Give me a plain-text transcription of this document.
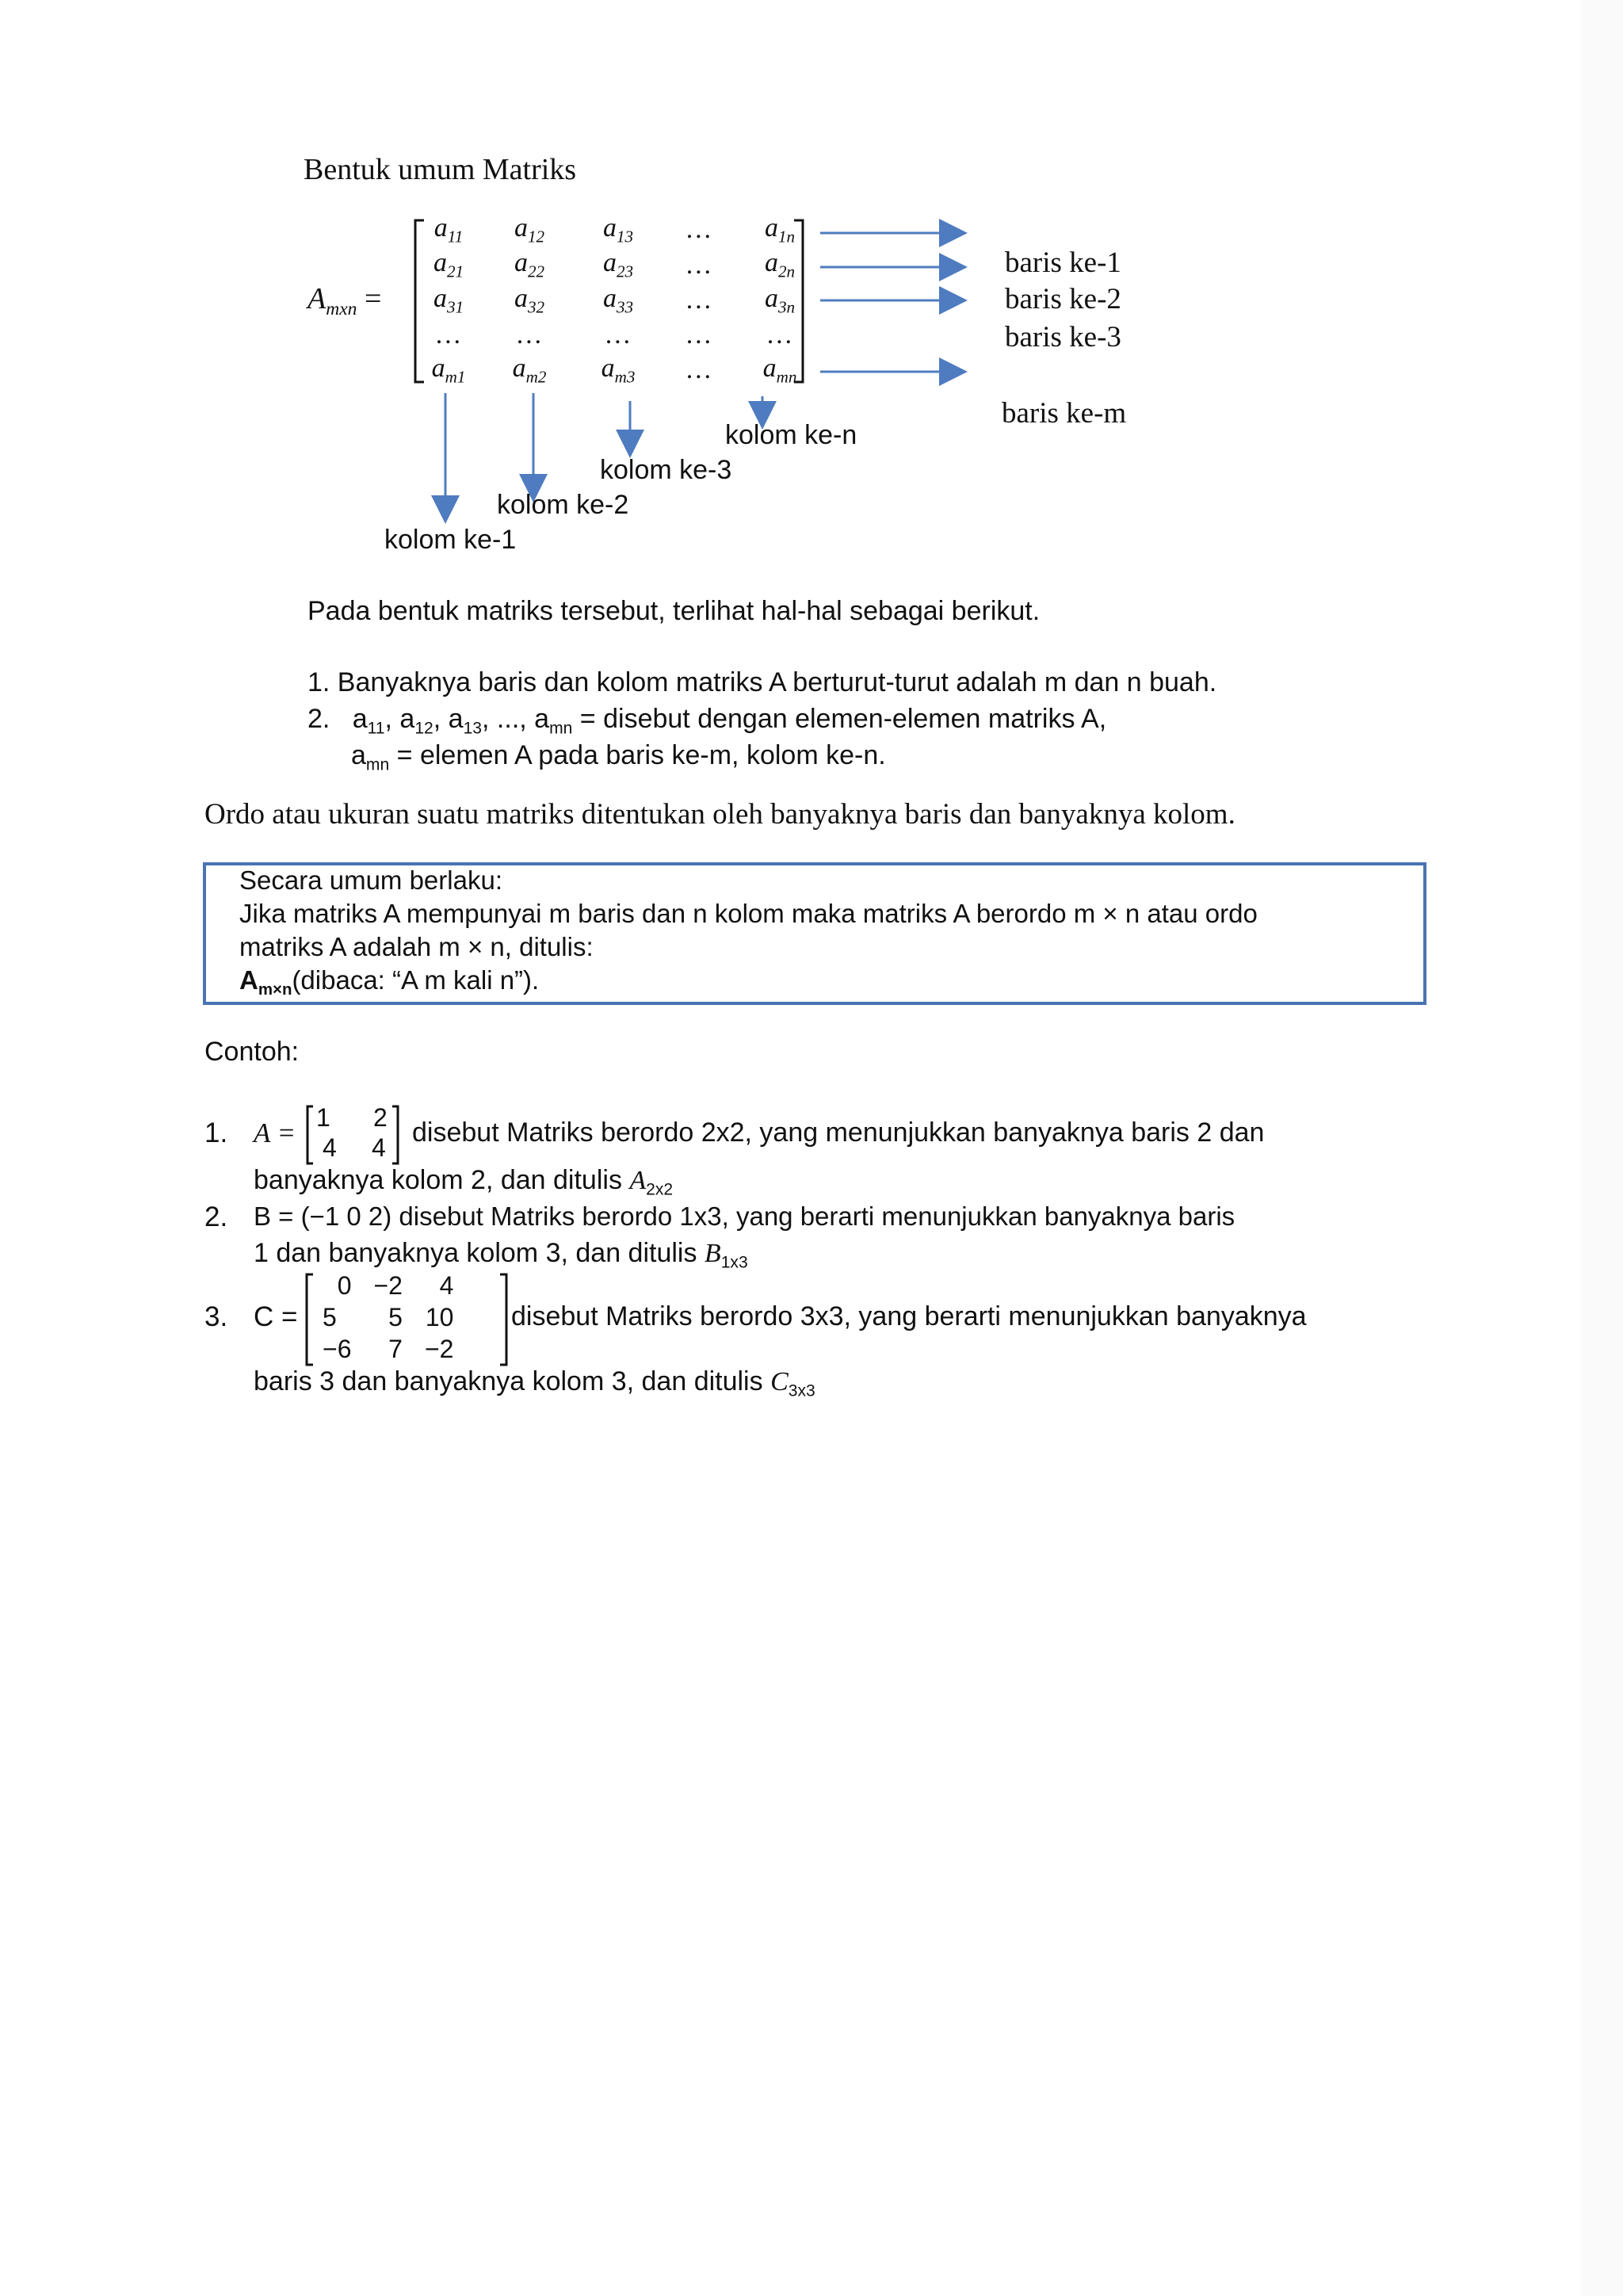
Bentuk umum Matriks
$A_{mxn}$ =
$a_{11}$	$a_{12}$	$a_{13}$	…	$a_{1n}$
$a_{21}$	$a_{22}$	$a_{23}$	…	$a_{2n}$
$a_{31}$	$a_{32}$	$a_{33}$	…	$a_{3n}$
…	…	…	…	…
$a_{m1}$	$a_{m2}$	$a_{m3}$	…	$a_{mn}$
baris ke-1
baris ke-2
baris ke-3
baris ke-m
kolom ke-n
kolom ke-3
kolom ke-2
kolom ke-1
Pada bentuk matriks tersebut, terlihat hal-hal sebagai berikut.
1. Banyaknya baris dan kolom matriks A berturut-turut adalah m dan n buah.
2.   $a_{11}$, $a_{12}$, $a_{13}$, ..., $a_{mn}$ = disebut dengan elemen-elemen matriks A,
$a_{mn}$ = elemen A pada baris ke-m, kolom ke-n.
Ordo atau ukuran suatu matriks ditentukan oleh banyaknya baris dan banyaknya kolom.
Secara umum berlaku:
Jika matriks A mempunyai m baris dan n kolom maka matriks A berordo m × n atau ordo
matriks A adalah m × n, ditulis:
$A_{m\times n}(dibaca$: “A m kali n”).
Contoh:
1. A = 1 2
4 4 disebut Matriks berordo 2x2, yang menunjukkan banyaknya baris 2 dan
banyaknya kolom 2, dan ditulis $A_{2x2}$
2. B = (−1 0 2) disebut Matriks berordo 1x3, yang berarti menunjukkan banyaknya baris
1 dan banyaknya kolom 3, dan ditulis $B_{1x3}$
3. C =
0	−2	4
5	5	10
−6	7	−2
disebut Matriks berordo 3x3, yang berarti menunjukkan banyaknya
baris 3 dan banyaknya kolom 3, dan ditulis $C_{3x3}$
